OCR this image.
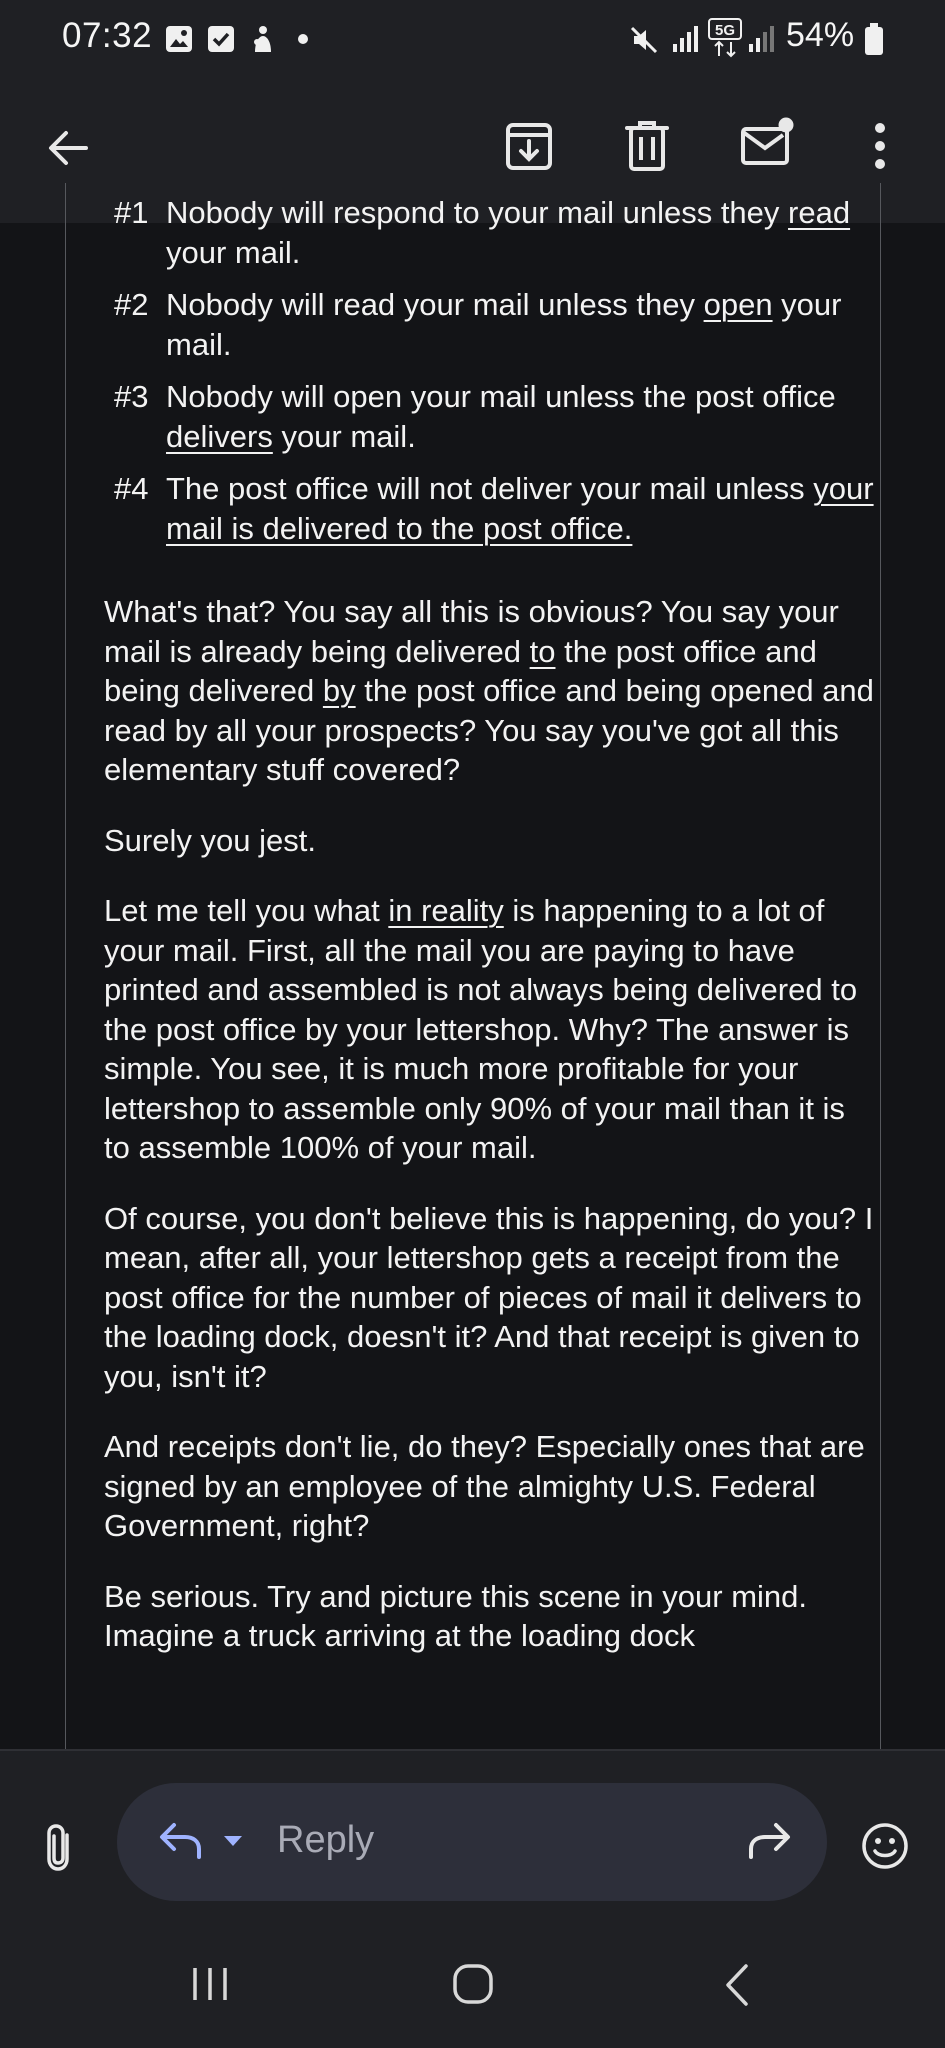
07:32	5G 54%
#1 Nobody will respond to your mail unless they read your mail.
#2 Nobody will read your mail unless they open your mail.
#3 Nobody will open your mail unless the post office delivers your mail.
#4 The post office will not deliver your mail unless your mail is delivered to the post office.

What's that? You say all this is obvious? You say your mail is already being delivered to the post office and being delivered by the post office and being opened and read by all your prospects? You say you've got all this elementary stuff covered?

Surely you jest.

Let me tell you what in reality is happening to a lot of your mail. First, all the mail you are paying to have printed and assembled is not always being delivered to the post office by your lettershop. Why? The answer is simple. You see, it is much more profitable for your lettershop to assemble only 90% of your mail than it is to assemble 100% of your mail.

Of course, you don't believe this is happening, do you? I mean, after all, your lettershop gets a receipt from the post office for the number of pieces of mail it delivers to the loading dock, doesn't it? And that receipt is given to you, isn't it?

And receipts don't lie, do they? Especially ones that are signed by an employee of the almighty U.S. Federal Government, right?

Be serious. Try and picture this scene in your mind. Imagine a truck arriving at the loading dock

Reply
